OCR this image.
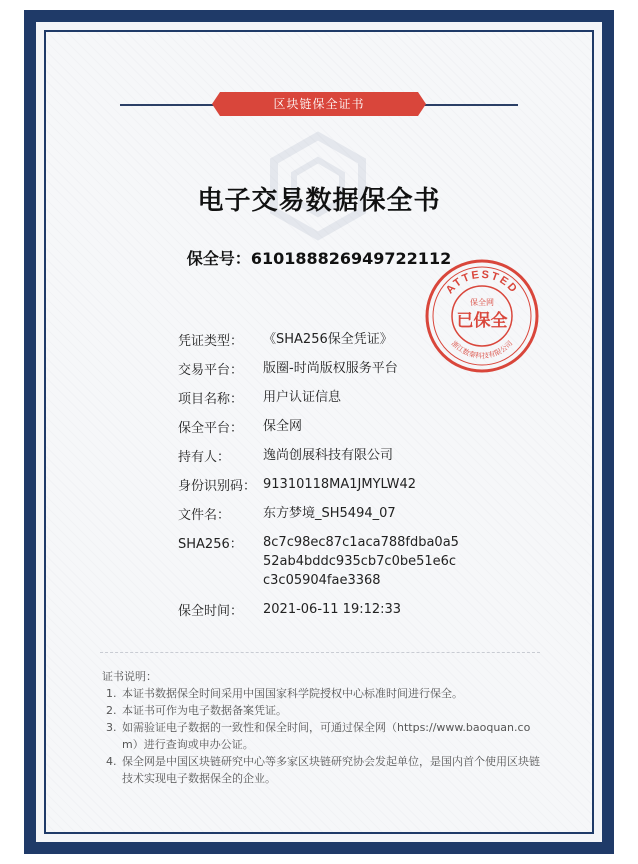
区块链保全证书
电子交易数据保全书
保全号：610188826949722112
ATTESTED
保全网
已保全
浙江数秦科技有限公司
凭证类型：	《SHA256保全凭证》
交易平台：	版圈-时尚版权服务平台
项目名称：	用户认证信息
保全平台：	保全网
持有人：	逸尚创展科技有限公司
身份识别码： 91310118MA1JMYLW42
文件名：	东方梦境_SH5494_07
SHA256：	8c7c98ec87c1aca788fdba0a5
52ab4bddc935cb7c0be51e6c
c3c05904fae3368
保全时间：	2021-06-11 19:12:33
证书说明：
1. 本证书数据保全时间采用中国国家科学院授权中心标准时间进行保全。
2. 本证书可作为电子数据备案凭证。
3. 如需验证电子数据的一致性和保全时间，可通过保全网（https://www.baoquan.com）进行查询或申办公证。
4. 保全网是中国区块链研究中心等多家区块链研究协会发起单位，是国内首个使用区块链技术实现电子数据保全的企业。
